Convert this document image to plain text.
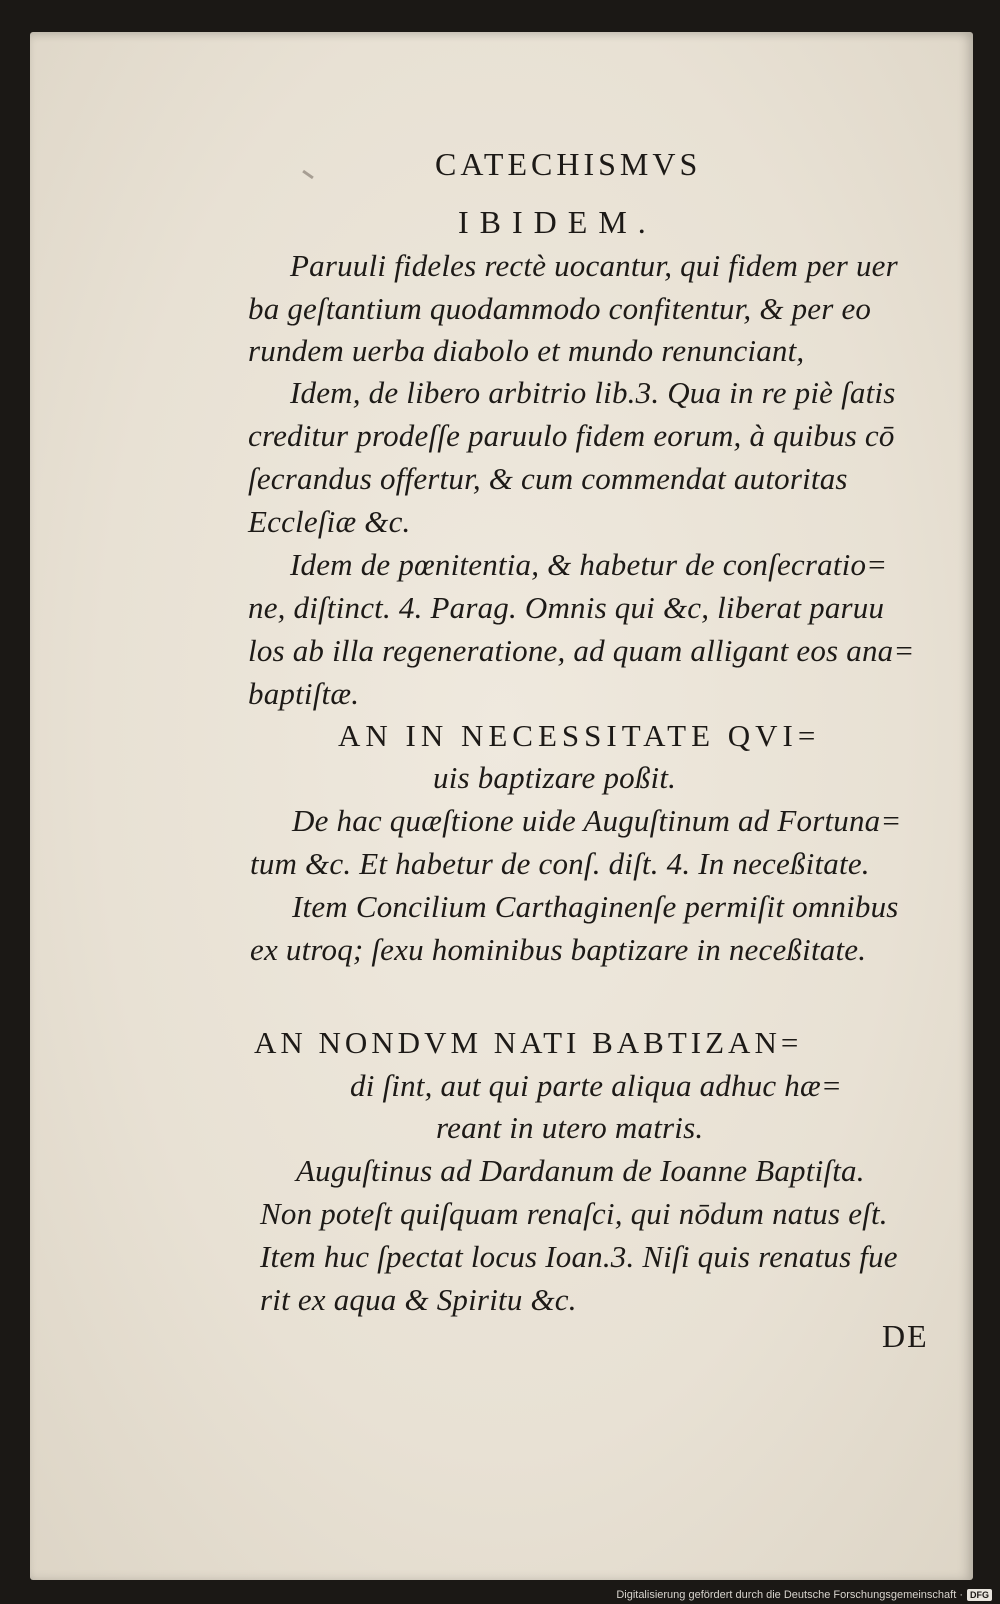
CATECHISMVS
IBIDEM.
Paruuli fideles rectè uocantur, qui fidem per uer
ba geſtantium quodammodo confitentur, & per eo
rundem uerba diabolo et mundo renunciant,
Idem, de libero arbitrio lib.3. Qua in re piè ſatis
creditur prodeſſe paruulo fidem eorum, à quibus cō
ſecrandus offertur, & cum commendat autoritas
Eccleſiæ &c.
Idem de pœnitentia, & habetur de conſecratio=
ne, diſtinct. 4. Parag. Omnis qui &c, liberat paruu
los ab illa regeneratione, ad quam alligant eos ana=
baptiſtæ.
AN IN NECESSITATE QVI=
uis baptizare poßit.
De hac quæſtione uide Auguſtinum ad Fortuna=
tum &c. Et habetur de conſ. diſt. 4. In neceßitate.
Item Concilium Carthaginenſe permiſit omnibus
ex utroq; ſexu hominibus baptizare in neceßitate.
AN NONDVM NATI BABTIZAN=
di ſint, aut qui parte aliqua adhuc hæ=
reant in utero matris.
Auguſtinus ad Dardanum de Ioanne Baptiſta.
Non poteſt quiſquam renaſci, qui nōdum natus eſt.
Item huc ſpectat locus Ioan.3. Niſi quis renatus fue
rit ex aqua & Spiritu &c.
DE
Digitalisierung gefördert durch die Deutsche Forschungsgemeinschaft · DFG
